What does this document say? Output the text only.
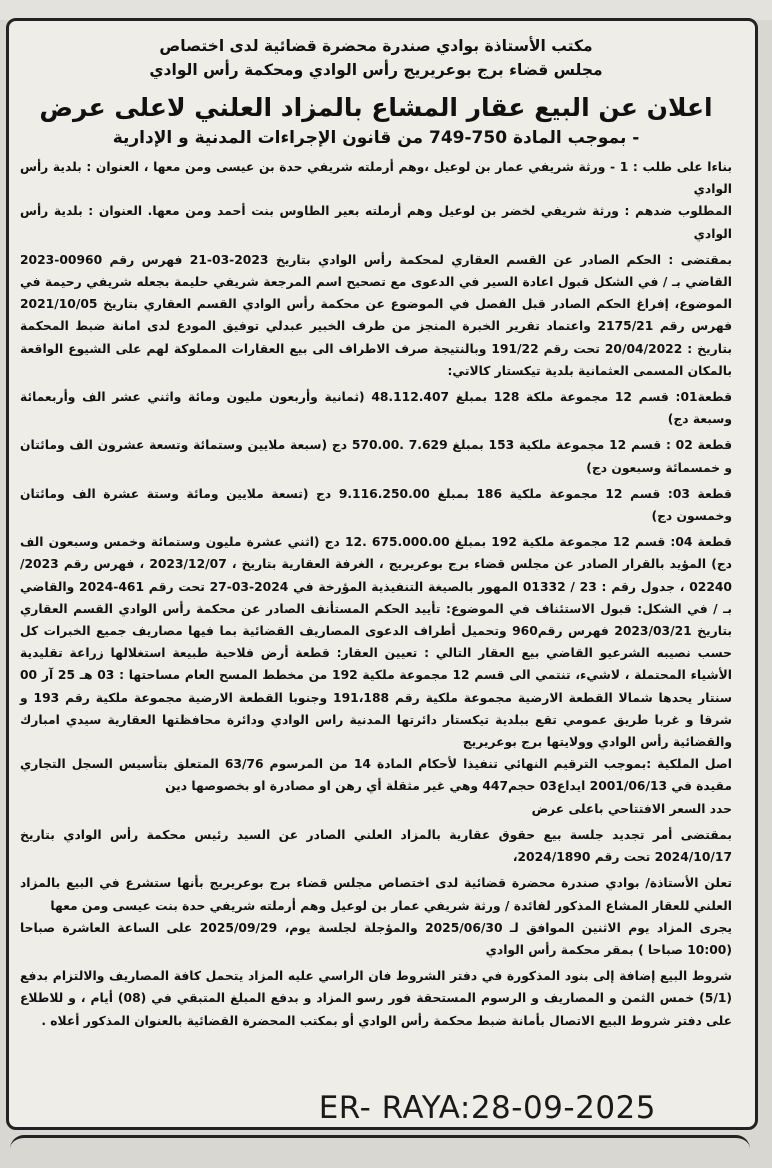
مكتب الأستاذة بوادي صندرة محضرة قضائية لدى اختصاص

مجلس قضاء برج بوعريريج رأس الوادي ومحكمة رأس الوادي

اعلان عن البيع عقار المشاع بالمزاد العلني لاعلى عرض

- بموجب المادة 750-749 من قانون الإجراءات المدنية و الإدارية

بناءا على طلب : 1 - ورثة شريفي عمار بن لوعيل ،وهم أرملته شريفي حدة بن عيسى ومن معها ، العنوان : بلدية رأس الوادي

المطلوب ضدهم : ورثة شريفي لخضر بن لوعيل وهم أرملته بعير الطاوس بنت أحمد ومن معها. العنوان : بلدية رأس الوادي

بمقتضى : الحكم الصادر عن القسم العقاري لمحكمة رأس الوادي بتاريخ 2023-03-21 فهرس رقم 00960-2023 القاضي بـ / في الشكل قبول اعادة السير في الدعوى مع تصحيح اسم المرجعة شريفي حليمة بجعله شريفي رحيمة في الموضوع، إفراغ الحكم الصادر قبل الفصل في الموضوع عن محكمة رأس الوادي القسم العقاري بتاريخ 2021/10/05 فهرس رقم 2175/21 واعتماد تقرير الخبرة المنجز من طرف الخبير عبدلي توفيق المودع لدى امانة ضبط المحكمة بتاريخ : 20/04/2022 تحت رقم 191/22 وبالنتيجة صرف الاطراف الى بيع العقارات المملوكة لهم على الشيوع الواقعة بالمكان المسمى العثمانية بلدية تيكستار كالاتي:

قطعة01: قسم 12 مجموعة ملكة 128 بمبلغ 48.112.407 (ثمانية وأربعون مليون ومائة واثني عشر الف وأربعمائة وسبعة دج)

قطعة 02 : قسم 12 مجموعة ملكية 153 بمبلغ 7.629 .570.00 دج (سبعة ملايين وستمائة وتسعة عشرون الف ومائتان و خمسمائة وسبعون دج)

قطعة 03: قسم 12 مجموعة ملكية 186 بمبلغ 9.116.250.00 دج (تسعة ملايين ومائة وستة عشرة الف ومائتان وخمسون دج)

قطعة 04: قسم 12 مجموعة ملكية 192 بمبلغ 675.000.00 .12 دج (اثني عشرة مليون وستمائة وخمس وسبعون الف دج) المؤيد بالقرار الصادر عن مجلس قضاء برج بوعريريج ، الغرفة العقارية بتاريخ ، 2023/12/07 ، فهرس رقم 2023/ 02240 ، جدول رقم : 23 / 01332 المهور بالصيغة التنفيذية المؤرخة في 2024-03-27 تحت رقم 461-2024 والقاضي بـ / في الشكل: قبول الاستئناف في الموضوع: تأييد الحكم المستأنف الصادر عن محكمة رأس الوادي القسم العقاري بتاريخ 2023/03/21 فهرس رقم960 وتحميل أطراف الدعوى المصاريف القضائية بما فيها مصاريف جميع الخبرات كل حسب نصيبه الشرعيو القاضي بيع العقار التالي : تعيين العقار: قطعة أرض فلاحية طبيعة استغلالها زراعة تقليدية الأشياء المحتملة ، لاشيء، تنتمي الى قسم 12 مجموعة ملكية 192 من مخطط المسح العام مساحتها : 03 هـ 25 آر 00 سنتار يحدها شمالا القطعة الارضية مجموعة ملكية رقم 191،188 وجنوبا القطعة الارضية مجموعة ملكية رقم 193 و شرقا و غربا طريق عمومي تقع ببلدية تيكستار دائرتها المدنية راس الوادي ودائرة محافظتها العقارية سيدي امبارك والقضائية رأس الوادي وولايتها برج بوعريريج

اصل الملكية :بموجب الترقيم النهائي تنفيذا لأحكام المادة 14 من المرسوم 63/76 المتعلق بتأسيس السجل التجاري مقيدة في 2001/06/13 ايداع03 حجم447 وهي غير مثقلة أي رهن او مصادرة او بخصوصها دين

حدد السعر الافتتاحي باعلى عرض

بمقتضى أمر تجديد جلسة بيع حقوق عقارية بالمزاد العلني الصادر عن السيد رئيس محكمة رأس الوادي بتاريخ 2024/10/17 تحت رقم 2024/1890،

تعلن الأستاذة/ بوادي صندرة محضرة قضائية لدى اختصاص مجلس قضاء برج بوعريريج بأنها ستشرع في البيع بالمزاد العلني للعقار المشاع المذكور لفائدة / ورثة شريفي عمار بن لوعيل وهم أرملته شريفي حدة بنت عيسى ومن معها

يجرى المزاد يوم الاثنين الموافق لـ 2025/06/30 والمؤجلة لجلسة يوم، 2025/09/29 على الساعة العاشرة صباحا (10:00 صباحا ) بمقر محكمة رأس الوادي

شروط البيع إضافة إلى بنود المذكورة في دفتر الشروط فان الراسي عليه المزاد يتحمل كافة المصاريف والالتزام بدفع (5/1) خمس الثمن و المصاريف و الرسوم المستحقة فور رسو المزاد و بدفع المبلغ المتبقي في (08) أيام ، و للاطلاع على دفتر شروط البيع الاتصال بأمانة ضبط محكمة رأس الوادي أو بمكتب المحضرة القضائية بالعنوان المذكور أعلاه .

ER- RAYA:28-09-2025
